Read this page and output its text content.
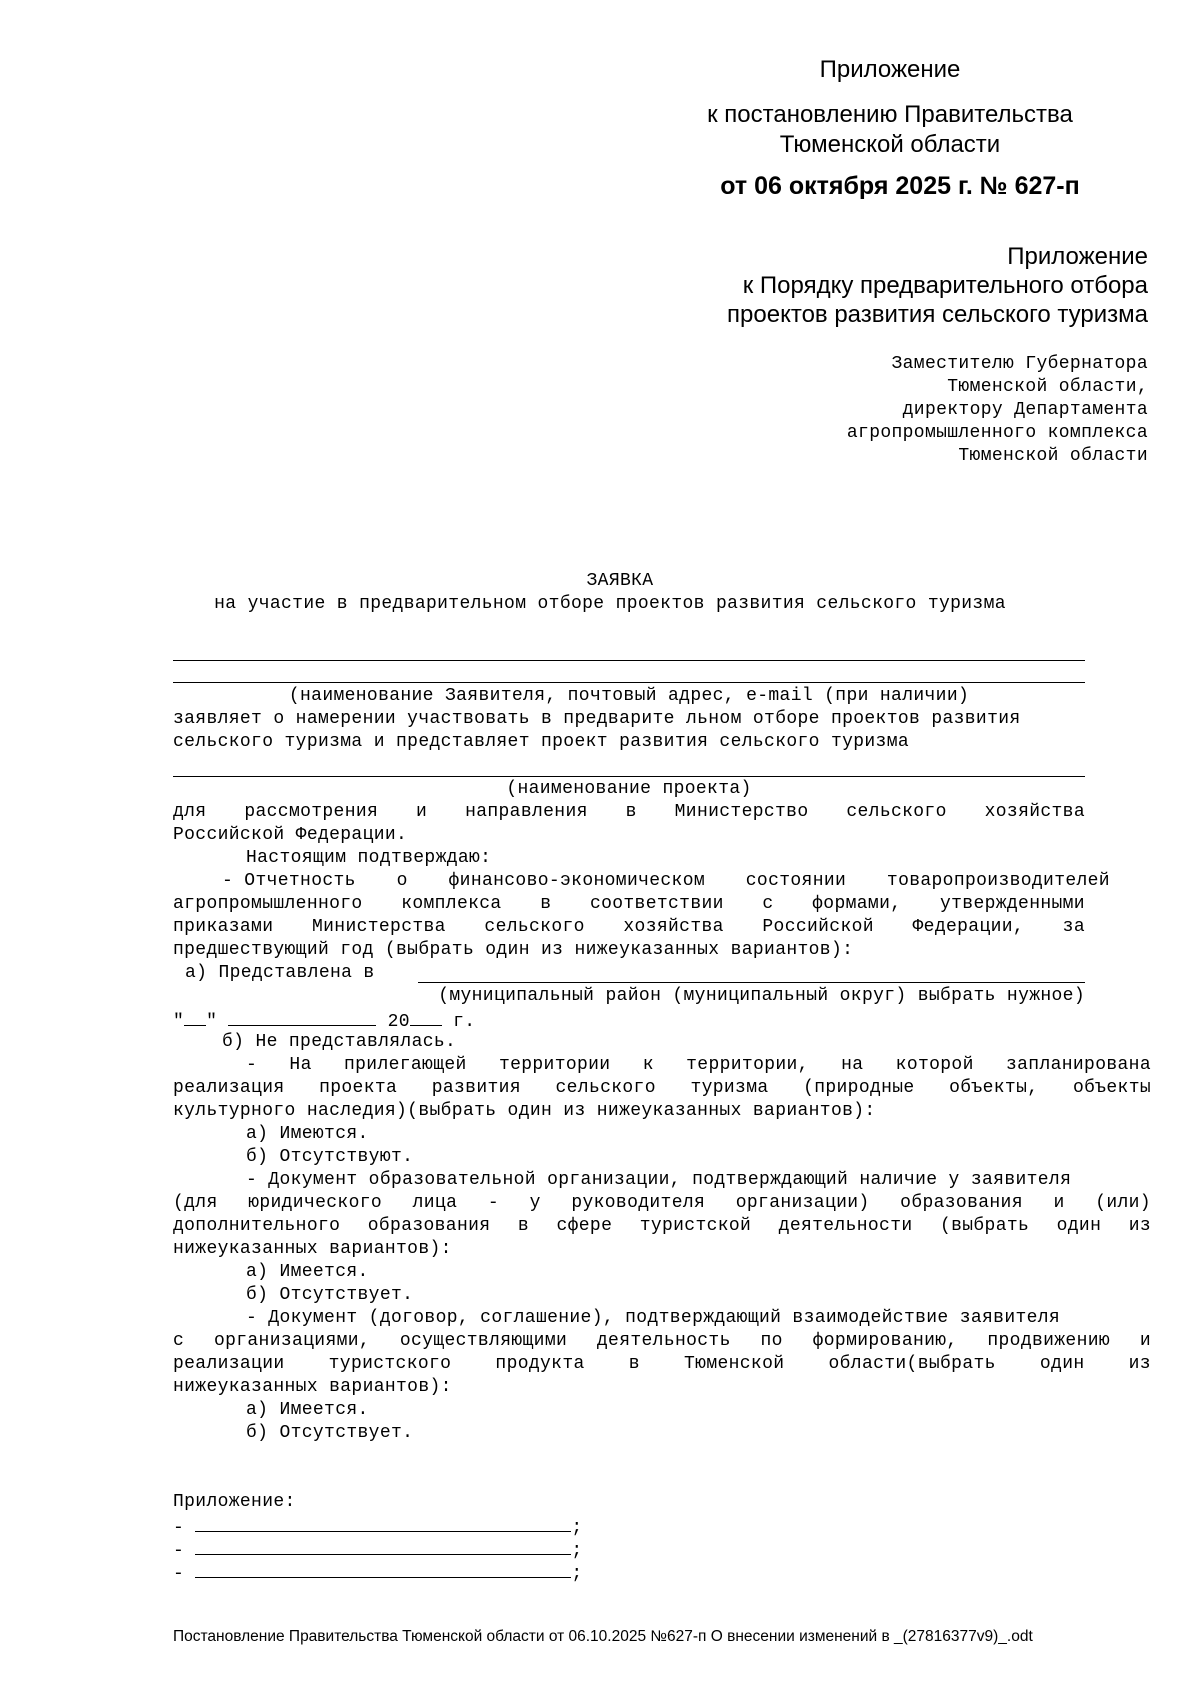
Приложение
к постановлению Правительства
Тюменской области
от 06 октября 2025 г. № 627-п
Приложение
к Порядку предварительного отбора
проектов развития сельского туризма
Заместителю Губернатора
Тюменской области,
директору Департамента
агропромышленного комплекса
Тюменской области
ЗАЯВКА
на участие в предварительном отборе проектов развития сельского туризма
(наименование Заявителя, почтовый адрес, e-mail (при наличии)
заявляет о намерении участвовать в предварите льном отборе проектов развития
сельского туризма и представляет проект развития сельского туризма
(наименование проекта)
для рассмотрения и направления в Министерство сельского хозяйства
Российской Федерации.
Настоящим подтверждаю:
- Отчетность о финансово-экономическом состоянии товаропроизводителей
агропромышленного комплекса в соответствии с формами, утвержденными
приказами Министерства сельского хозяйства Российской Федерации, за
предшествующий год (выбрать один из нижеуказанных вариантов):
а) Представлена в
(муниципальный район (муниципальный округ) выбрать нужное)
" "	20 г.
б) Не представлялась.
- На прилегающей территории к территории, на которой запланирована
реализация проекта развития сельского туризма (природные объекты, объекты
культурного наследия)(выбрать один из нижеуказанных вариантов):
а) Имеются.
б) Отсутствуют.
- Документ образовательной организации, подтверждающий наличие у заявителя
(для юридического лица - у руководителя организации) образования и (или)
дополнительного образования в сфере туристской деятельности (выбрать один из
нижеуказанных вариантов):
а) Имеется.
б) Отсутствует.
- Документ (договор, соглашение), подтверждающий взаимодействие заявителя
с организациями, осуществляющими деятельность по формированию, продвижению и
реализации туристского продукта в Тюменской области(выбрать один из
нижеуказанных вариантов):
а) Имеется.
б) Отсутствует.
Приложение:
-	;
-	;
-	;
Постановление Правительства Тюменской области от 06.10.2025 №627-п О внесении изменений в _(27816377v9)_.odt
